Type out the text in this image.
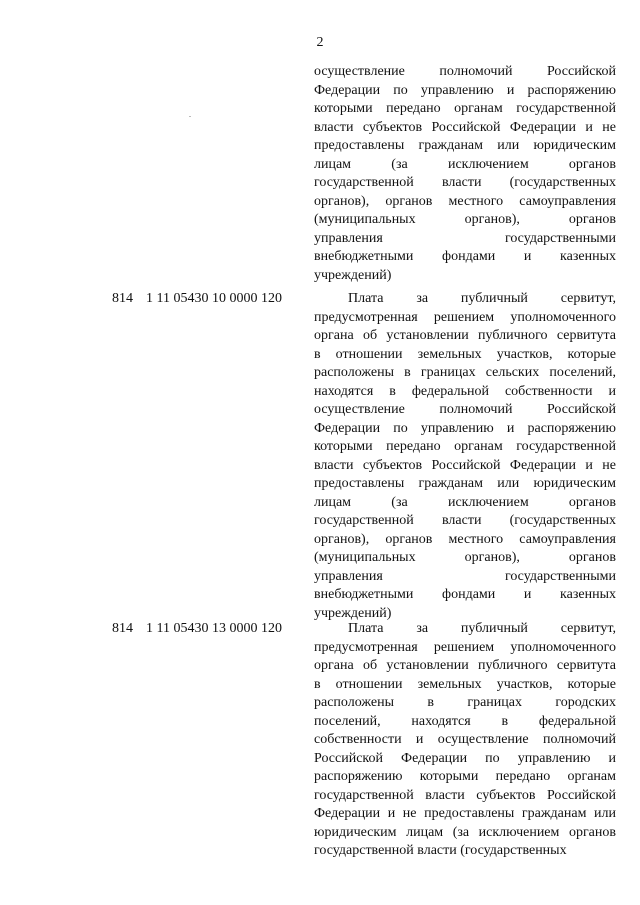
2

осуществление полномочий Российской

Федерации по управлению и распоряжению

которыми передано органам государственной

власти субъектов Российской Федерации и не

предоставлены гражданам или юридическим

лицам (за исключением органов

государственной власти (государственных

органов), органов местного самоуправления

(муниципальных органов), органов

управления государственными

внебюджетными фондами и казенных

учреждений)

814 1 11 05430 10 0000 120	Плата за публичный сервитут,

предусмотренная решением уполномоченного

органа об установлении публичного сервитута

в отношении земельных участков, которые

расположены в границах сельских поселений,

находятся в федеральной собственности и

осуществление полномочий Российской

Федерации по управлению и распоряжению

которыми передано органам государственной

власти субъектов Российской Федерации и не

предоставлены гражданам или юридическим

лицам (за исключением органов

государственной власти (государственных

органов), органов местного самоуправления

(муниципальных органов), органов

управления государственными

внебюджетными фондами и казенных

учреждений)

814 1 11 05430 13 0000 120	Плата за публичный сервитут,

предусмотренная решением уполномоченного

органа об установлении публичного сервитута

в отношении земельных участков, которые

расположены в границах городских

поселений, находятся в федеральной

собственности и осуществление полномочий

Российской Федерации по управлению и

распоряжению которыми передано органам

государственной власти субъектов Российской

Федерации и не предоставлены гражданам или

юридическим лицам (за исключением органов

государственной власти (государственных
